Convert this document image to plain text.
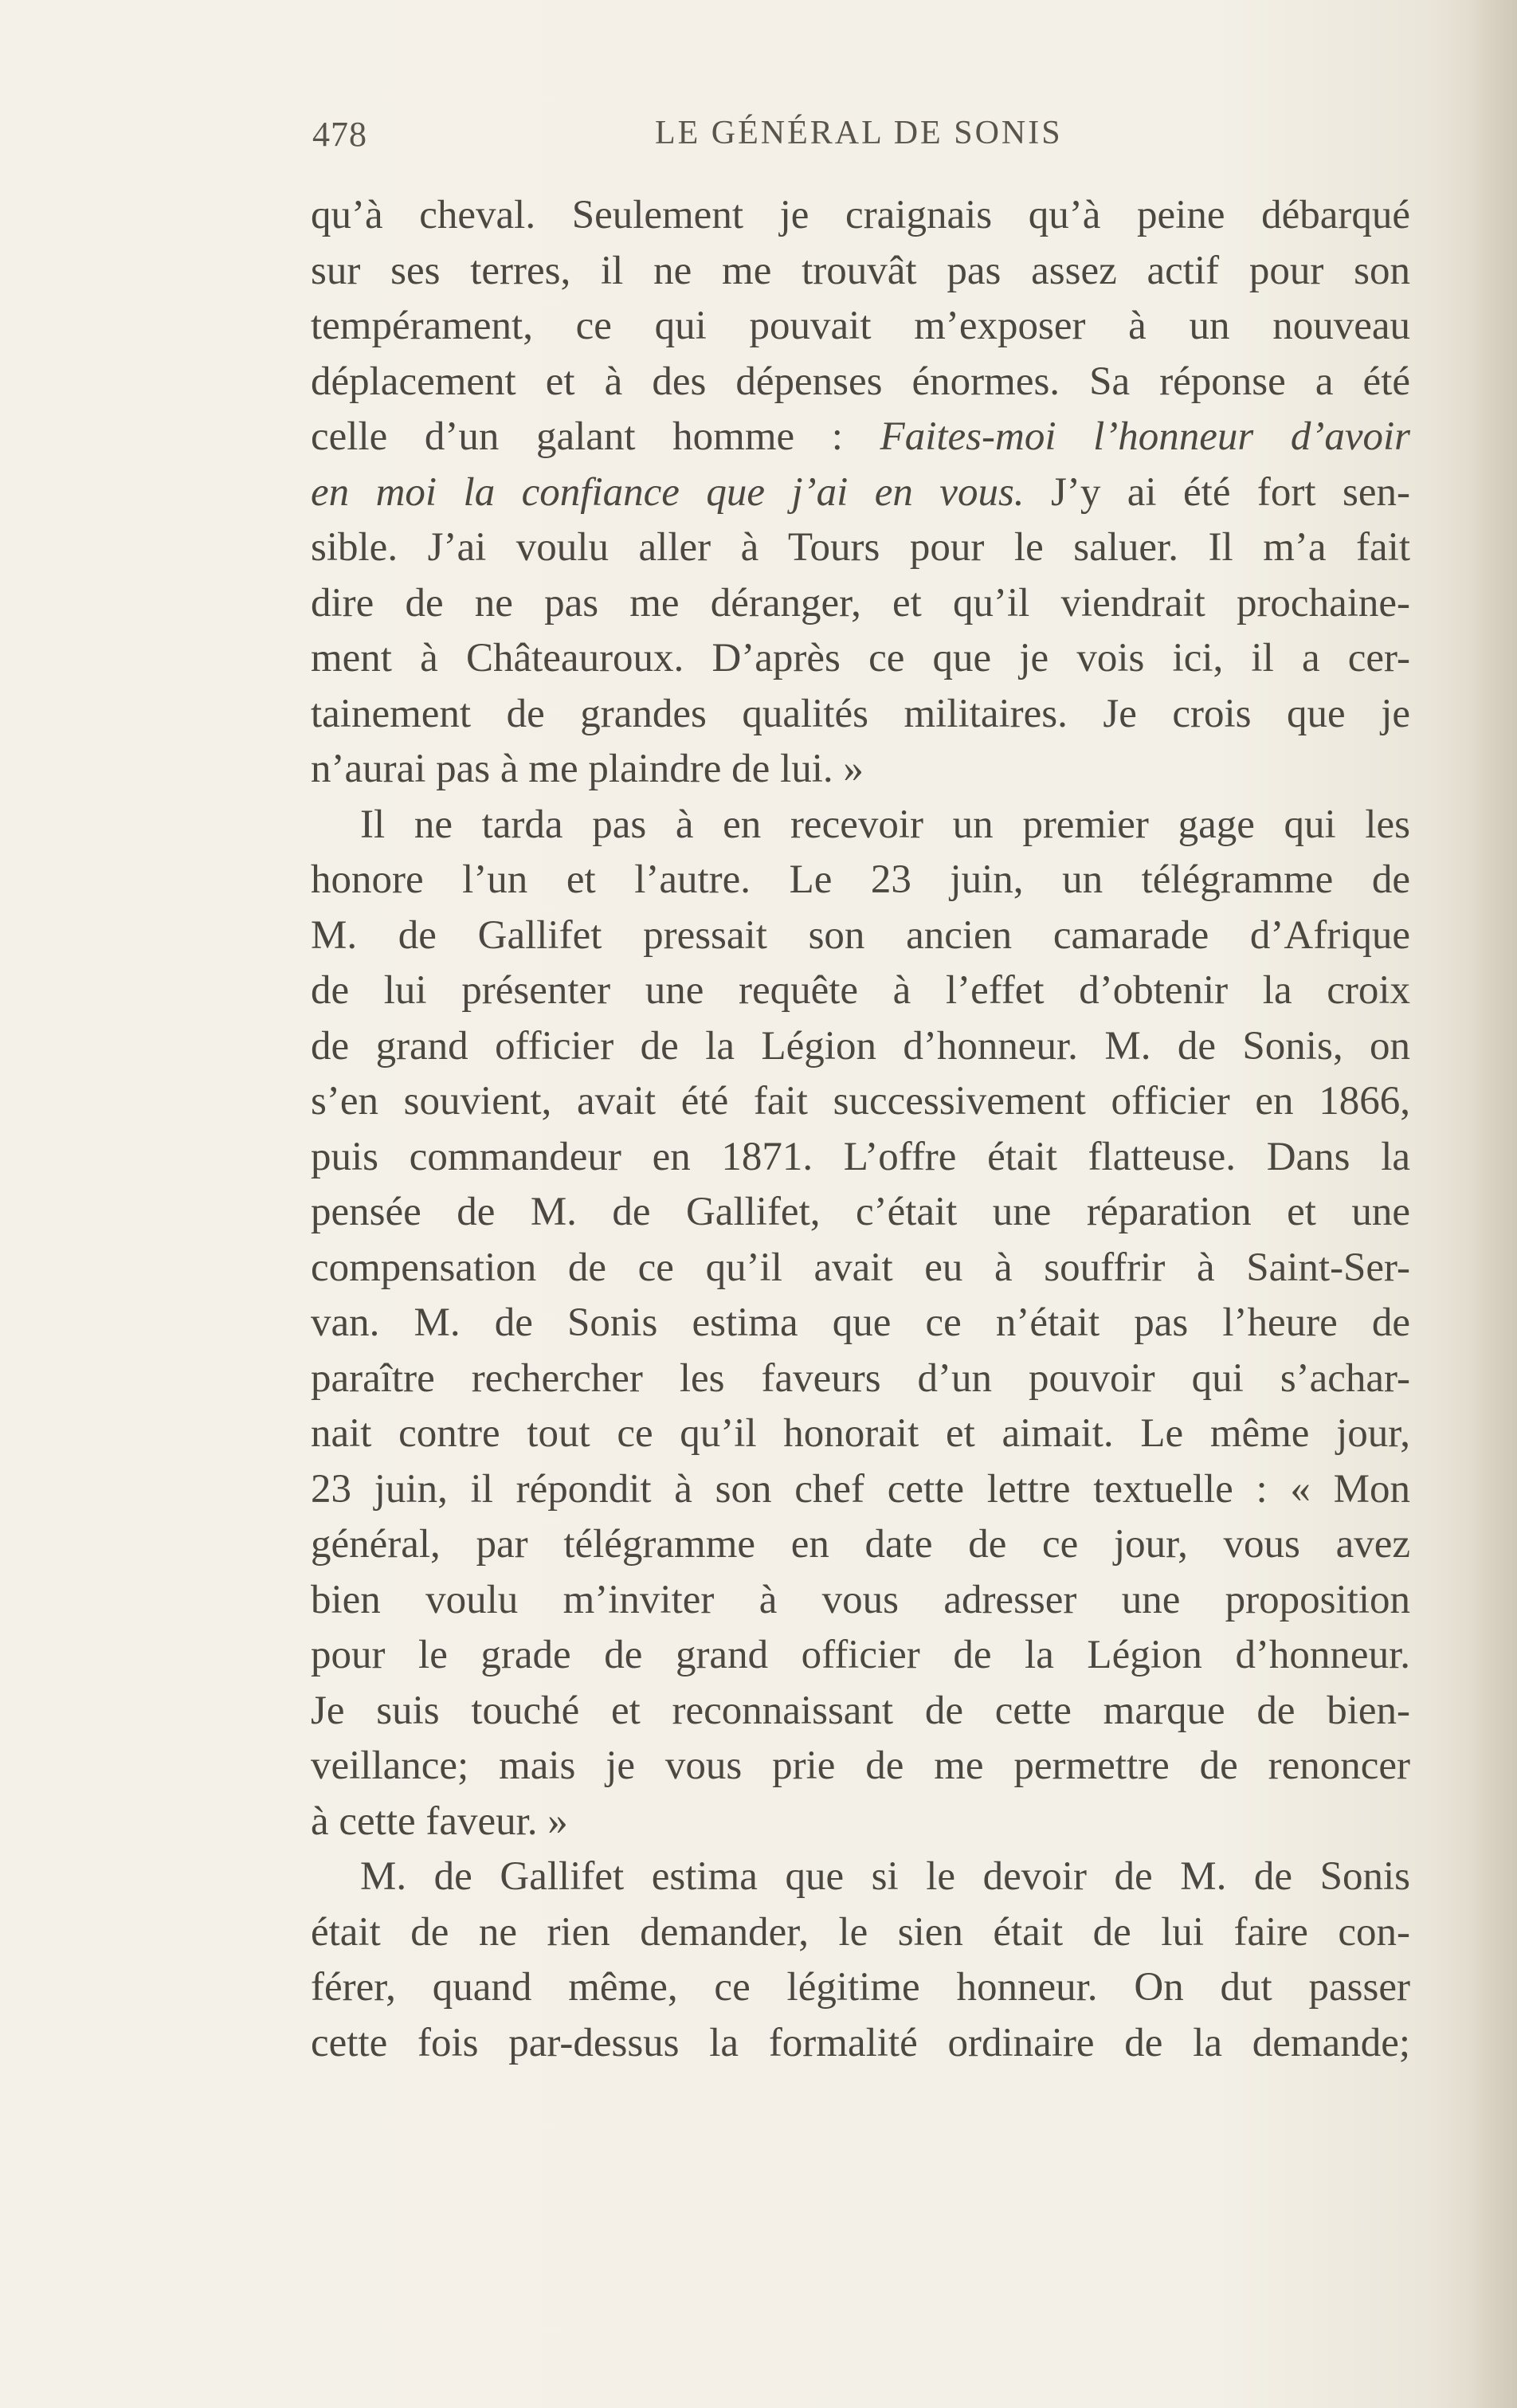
478	LE GÉNÉRAL DE SONIS
qu’à cheval. Seulement je craignais qu’à peine débarqué
sur ses terres, il ne me trouvât pas assez actif pour son
tempérament, ce qui pouvait m’exposer à un nouveau
déplacement et à des dépenses énormes. Sa réponse a été
celle d’un galant homme : Faites-moi l’honneur d’avoir
en moi la confiance que j’ai en vous. J’y ai été fort sen-
sible. J’ai voulu aller à Tours pour le saluer. Il m’a fait
dire de ne pas me déranger, et qu’il viendrait prochaine-
ment à Châteauroux. D’après ce que je vois ici, il a cer-
tainement de grandes qualités militaires. Je crois que je
n’aurai pas à me plaindre de lui. »
Il ne tarda pas à en recevoir un premier gage qui les
honore l’un et l’autre. Le 23 juin, un télégramme de
M. de Gallifet pressait son ancien camarade d’Afrique
de lui présenter une requête à l’effet d’obtenir la croix
de grand officier de la Légion d’honneur. M. de Sonis, on
s’en souvient, avait été fait successivement officier en 1866,
puis commandeur en 1871. L’offre était flatteuse. Dans la
pensée de M. de Gallifet, c’était une réparation et une
compensation de ce qu’il avait eu à souffrir à Saint-Ser-
van. M. de Sonis estima que ce n’était pas l’heure de
paraître rechercher les faveurs d’un pouvoir qui s’achar-
nait contre tout ce qu’il honorait et aimait. Le même jour,
23 juin, il répondit à son chef cette lettre textuelle : « Mon
général, par télégramme en date de ce jour, vous avez
bien voulu m’inviter à vous adresser une proposition
pour le grade de grand officier de la Légion d’honneur.
Je suis touché et reconnaissant de cette marque de bien-
veillance; mais je vous prie de me permettre de renoncer
à cette faveur. »
M. de Gallifet estima que si le devoir de M. de Sonis
était de ne rien demander, le sien était de lui faire con-
férer, quand même, ce légitime honneur. On dut passer
cette fois par-dessus la formalité ordinaire de la demande;
